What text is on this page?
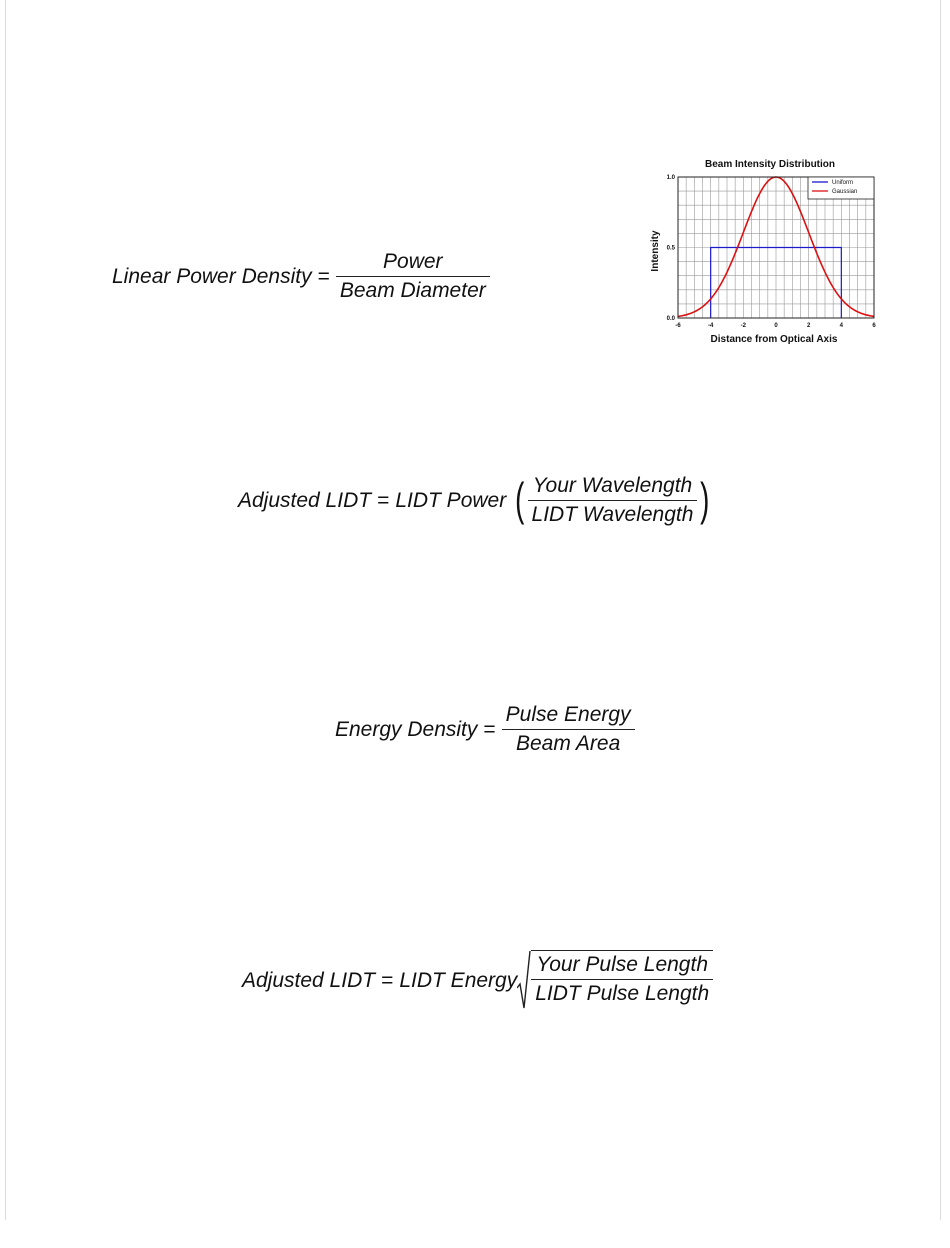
Linear Power Density = $\frac{\text{Power}}{\text{Beam Diameter}}$
Adjusted LIDT = LIDT Power ( $\frac{\text{Your Wavelength}}{\text{LIDT Wavelength}}$ )
Energy Density = $\frac{\text{Pulse Energy}}{\text{Beam Area}}$
Adjusted LIDT = LIDT Energy $\frac{\text{Your Pulse Length}}{\text{LIDT Pulse Length}}$
Beam Intensity Distribution
-6	-4	-2	0	2	4	6
0.0
0.5
1.0
Distance from Optical Axis
Intensity
Uniform
Gaussian
